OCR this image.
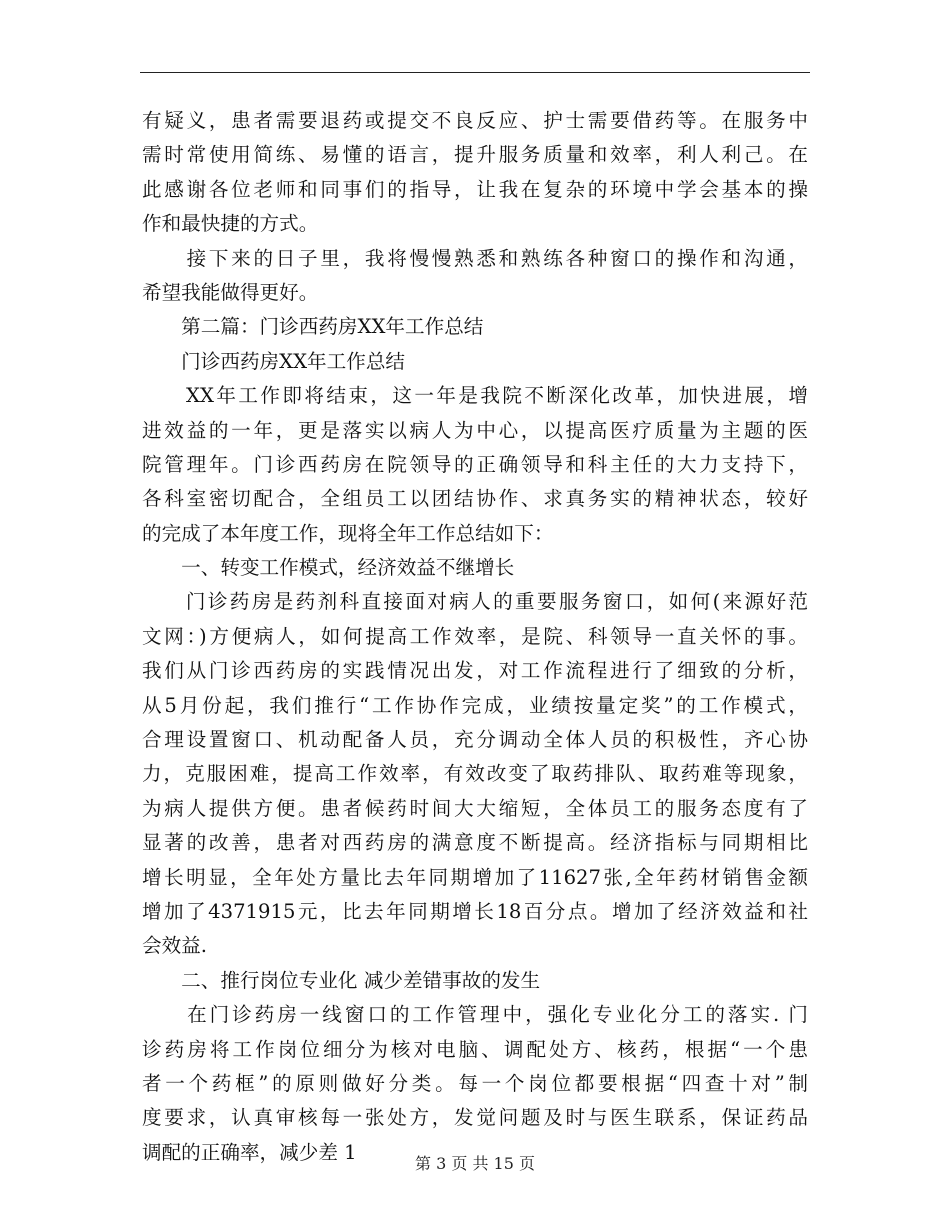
有疑义，患者需要退药或提交不良反应、护士需要借药等。在服务中
需时常使用简练、易懂的语言，提升服务质量和效率，利人利己。在
此感谢各位老师和同事们的指导，让我在复杂的环境中学会基本的操
作和最快捷的方式。
　　接下来的日子里，我将慢慢熟悉和熟练各种窗口的操作和沟通，
希望我能做得更好。
　　第二篇：门诊西药房XX年工作总结
　　门诊西药房XX年工作总结
　　XX年工作即将结束，这一年是我院不断深化改革，加快进展，增
进效益的一年，更是落实以病人为中心，以提高医疗质量为主题的医
院管理年。门诊西药房在院领导的正确领导和科主任的大力支持下，
各科室密切配合，全组员工以团结协作、求真务实的精神状态，较好
的完成了本年度工作，现将全年工作总结如下：
　　一、转变工作模式，经济效益不继增长
　　门诊药房是药剂科直接面对病人的重要服务窗口，如何(来源好范
文网：)方便病人，如何提高工作效率，是院、科领导一直关怀的事。
我们从门诊西药房的实践情况出发，对工作流程进行了细致的分析，
从5月份起，我们推行“工作协作完成，业绩按量定奖”的工作模式，
合理设置窗口、机动配备人员，充分调动全体人员的积极性，齐心协
力，克服困难，提高工作效率，有效改变了取药排队、取药难等现象，
为病人提供方便。患者候药时间大大缩短，全体员工的服务态度有了
显著的改善，患者对西药房的满意度不断提高。经济指标与同期相比
增长明显，全年处方量比去年同期增加了11627张,全年药材销售金额
增加了4371915元，比去年同期增长18百分点。增加了经济效益和社
会效益.
　　二、推行岗位专业化 减少差错事故的发生
　　在门诊药房一线窗口的工作管理中，强化专业化分工的落实. 门
诊药房将工作岗位细分为核对电脑、调配处方、核药，根据“一个患
者一个药框”的原则做好分类。每一个岗位都要根据“四查十对”制
度要求，认真审核每一张处方，发觉问题及时与医生联系，保证药品
调配的正确率，减少差 1	第 3 页 共 15 页
